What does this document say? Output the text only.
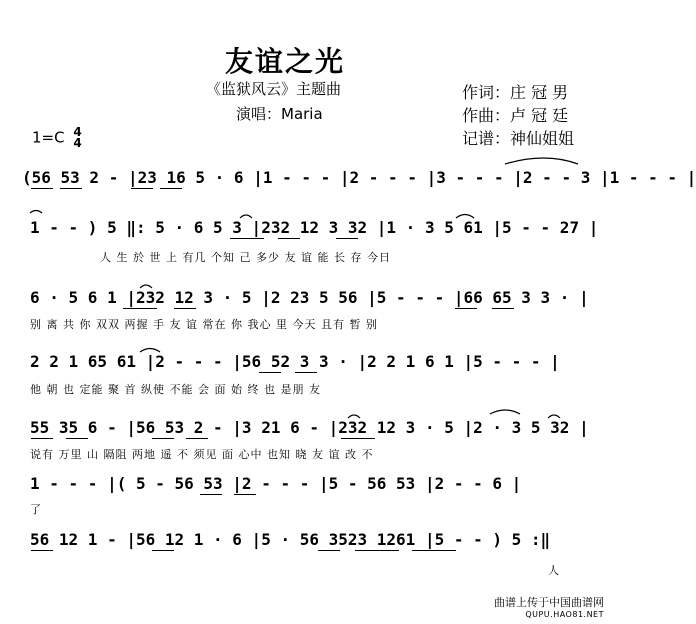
友谊之光
《监狱风云》主题曲
演唱：Maria
作词：庄 冠 男
作曲：卢 冠 廷
记谱：神仙姐姐
1=C 4
4
(56 53 2 - |23 16 5 · 6 |1 - - - |2 - - - |3 - - - |2 - - 3 |1 - - - |
1 - - ) 5 ‖: 5 · 6 5 3 |232 12 3 32 |1 · 3 5 61 |5 - - 27 |
人 生 於 世 上 有几 个知 己 多少 友 谊 能 长 存 今日
6 · 5 6 1 |232 12 3 · 5 |2 23 5 56 |5 - - - |66 65 3 3 · |
别 离 共 你 双双 两握 手 友 谊 常在 你 我心 里 今天 且有 暂 别
2 2 1 65 61 |2 - - - |56 52 3 3 · |2 2 1 6 1 |5 - - - |
他 朝 也 定能 聚 首 纵使 不能 会 面 始 终 也 是朋 友
55 35 6 - |56 53 2 - |3 21 6 - |232 12 3 · 5 |2 · 3 5 32 |
说有 万里 山 隔阻 两地 遥 不 须见 面 心中 也知 晓 友 谊 改 不
1 - - - |( 5 - 56 53 |2 - - - |5 - 56 53 |2 - - 6 |
了
56 12 1 - |56 12 1 · 6 |5 · 56 3523 1261 |5 - - ) 5 :‖
人
曲谱上传于中国曲谱网
QUPU.HAO81.NET
